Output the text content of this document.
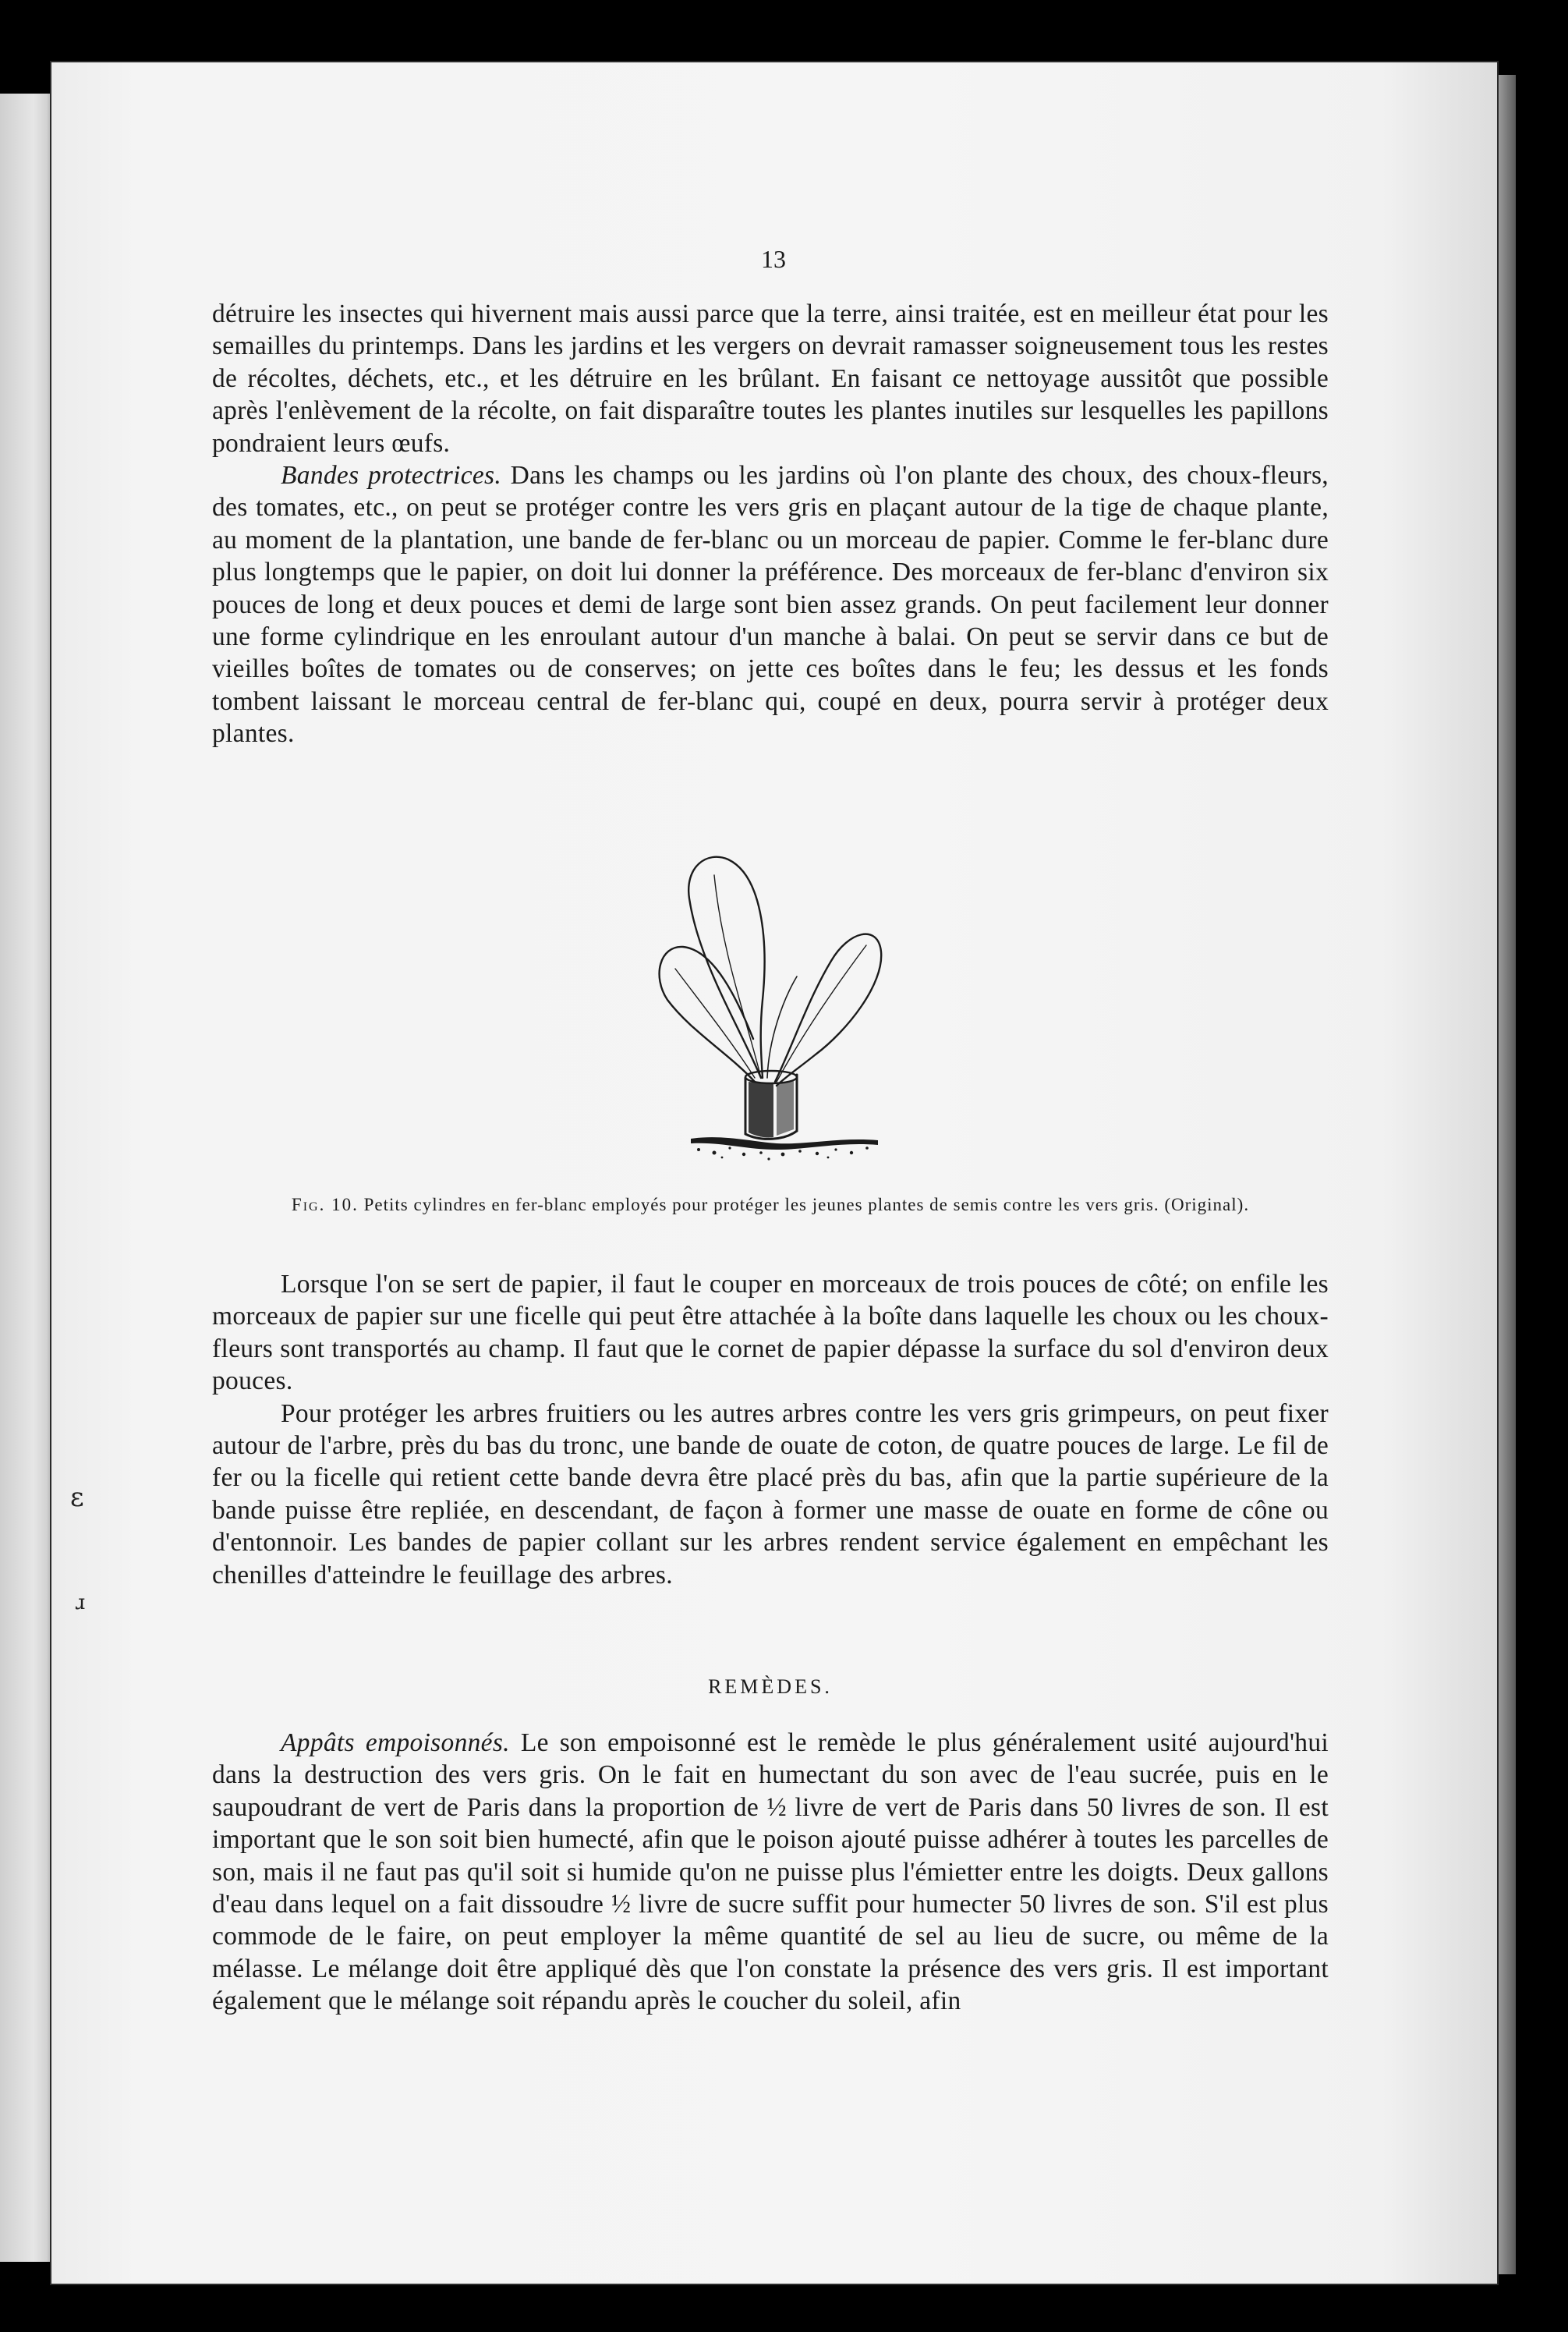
ɛ
ɹ
13

détruire les insectes qui hivernent mais aussi parce que la terre, ainsi traitée, est en meilleur état pour les semailles du printemps. Dans les jardins et les vergers on devrait ramasser soigneusement tous les restes de récoltes, déchets, etc., et les détruire en les brûlant. En faisant ce nettoyage aussitôt que possible après l'enlèvement de la récolte, on fait disparaître toutes les plantes inutiles sur lesquelles les papillons pondraient leurs œufs.

Bandes protectrices. Dans les champs ou les jardins où l'on plante des choux, des choux-fleurs, des tomates, etc., on peut se protéger contre les vers gris en plaçant autour de la tige de chaque plante, au moment de la plantation, une bande de fer-blanc ou un morceau de papier. Comme le fer-blanc dure plus longtemps que le papier, on doit lui donner la préférence. Des morceaux de fer-blanc d'environ six pouces de long et deux pouces et demi de large sont bien assez grands. On peut facilement leur donner une forme cylindrique en les enroulant autour d'un manche à balai. On peut se servir dans ce but de vieilles boîtes de tomates ou de conserves; on jette ces boîtes dans le feu; les dessus et les fonds tombent laissant le morceau central de fer-blanc qui, coupé en deux, pourra servir à protéger deux plantes.

Fig. 10. Petits cylindres en fer-blanc employés pour protéger les jeunes plantes de semis contre les vers gris. (Original).

Lorsque l'on se sert de papier, il faut le couper en morceaux de trois pouces de côté; on enfile les morceaux de papier sur une ficelle qui peut être attachée à la boîte dans laquelle les choux ou les choux-fleurs sont transportés au champ. Il faut que le cornet de papier dépasse la surface du sol d'environ deux pouces.

Pour protéger les arbres fruitiers ou les autres arbres contre les vers gris grimpeurs, on peut fixer autour de l'arbre, près du bas du tronc, une bande de ouate de coton, de quatre pouces de large. Le fil de fer ou la ficelle qui retient cette bande devra être placé près du bas, afin que la partie supérieure de la bande puisse être repliée, en descendant, de façon à former une masse de ouate en forme de cône ou d'entonnoir. Les bandes de papier collant sur les arbres rendent service également en empêchant les chenilles d'atteindre le feuillage des arbres.

REMÈDES.

Appâts empoisonnés. Le son empoisonné est le remède le plus généralement usité aujourd'hui dans la destruction des vers gris. On le fait en humectant du son avec de l'eau sucrée, puis en le saupoudrant de vert de Paris dans la proportion de ½ livre de vert de Paris dans 50 livres de son. Il est important que le son soit bien humecté, afin que le poison ajouté puisse adhérer à toutes les parcelles de son, mais il ne faut pas qu'il soit si humide qu'on ne puisse plus l'émietter entre les doigts. Deux gallons d'eau dans lequel on a fait dissoudre ½ livre de sucre suffit pour humecter 50 livres de son. S'il est plus commode de le faire, on peut employer la même quantité de sel au lieu de sucre, ou même de la mélasse. Le mélange doit être appliqué dès que l'on constate la présence des vers gris. Il est important également que le mélange soit répandu après le coucher du soleil, afin
